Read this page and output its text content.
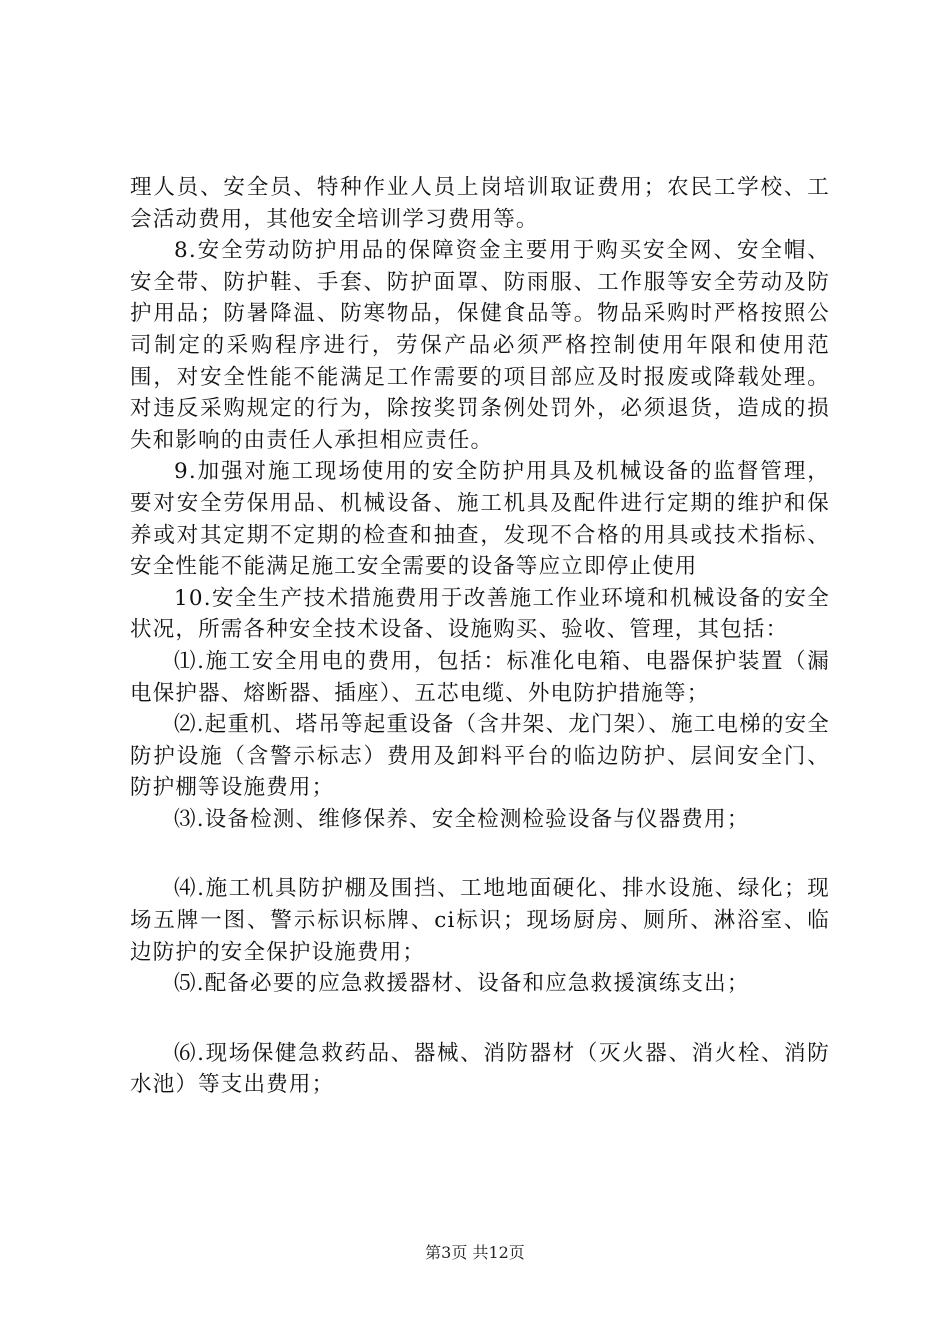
理人员、安全员、特种作业人员上岗培训取证费用；农民工学校、工会活动费用，其他安全培训学习费用等。

8.安全劳动防护用品的保障资金主要用于购买安全网、安全帽、安全带、防护鞋、手套、防护面罩、防雨服、工作服等安全劳动及防护用品；防暑降温、防寒物品，保健食品等。物品采购时严格按照公司制定的采购程序进行，劳保产品必须严格控制使用年限和使用范围，对安全性能不能满足工作需要的项目部应及时报废或降载处理。对违反采购规定的行为，除按奖罚条例处罚外，必须退货，造成的损失和影响的由责任人承担相应责任。

9.加强对施工现场使用的安全防护用具及机械设备的监督管理，要对安全劳保用品、机械设备、施工机具及配件进行定期的维护和保养或对其定期不定期的检查和抽查，发现不合格的用具或技术指标、安全性能不能满足施工安全需要的设备等应立即停止使用

10.安全生产技术措施费用于改善施工作业环境和机械设备的安全状况，所需各种安全技术设备、设施购买、验收、管理，其包括：

⑴.施工安全用电的费用，包括：标准化电箱、电器保护装置（漏电保护器、熔断器、插座）、五芯电缆、外电防护措施等；

⑵.起重机、塔吊等起重设备（含井架、龙门架）、施工电梯的安全防护设施（含警示标志）费用及卸料平台的临边防护、层间安全门、防护棚等设施费用；

⑶.设备检测、维修保养、安全检测检验设备与仪器费用；

⑷.施工机具防护棚及围挡、工地地面硬化、排水设施、绿化；现场五牌一图、警示标识标牌、ci标识；现场厨房、厕所、淋浴室、临边防护的安全保护设施费用；

⑸.配备必要的应急救援器材、设备和应急救援演练支出；

⑹.现场保健急救药品、器械、消防器材（灭火器、消火栓、消防水池）等支出费用；

第3页 共12页
